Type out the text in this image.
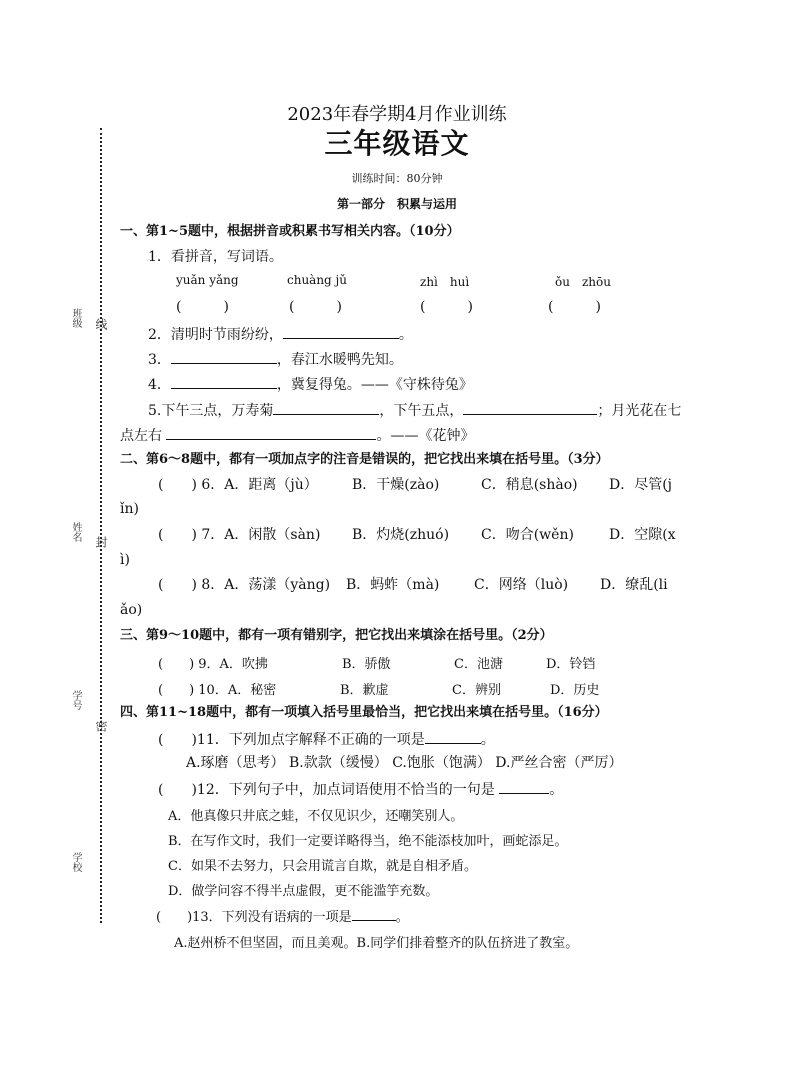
班级 线
姓名 封
学号
密
学校
2023年春学期4月作业训练
三年级语文
训练时间：80分钟
第一部分　积累与运用
一、第1~5题中，根据拼音或积累书写相关内容。（10分）
1．看拼音，写词语。
yuǎn yǎng	chuàng jǔ	zhì　huì	ǒu　zhōu
(　　　)	(　　　)	(　　　)	(　　　)
2．清明时节雨纷纷，	。
3．	，春江水暖鸭先知。
4．	，冀复得兔。——《守株待兔》
5.下午三点，万寿菊	，下午五点，	；月光花在七
点左右	。——《花钟》
二、第6～8题中，都有一项加点字的注音是错误的，把它找出来填在括号里。（3分）
(　　) 6．A．距离（jù） B．干燥(zào)	C．稍息(shào) D．尽管(j
ǐn)
(　　) 7．A．闲散（sàn) B．灼烧(zhuó) C．吻合(wěn)	D．空隙(x
ì)
(　　) 8．A．荡漾（yàng) B．蚂蚱（mà) C．网络（luò) D．缭乱(li
ǎo)
三、第9～10题中，都有一项有错别字，把它找出来填涂在括号里。（2分）
(　　) 9．A．吹拂	B．骄傲	C．池溏	D．铃铛
(　　) 10．A．秘密	B．歉虚	C．辨别	D．历史
四、第11~18题中，都有一项填入括号里最恰当，把它找出来填在括号里。（16分）
(　　)11．下列加点字解释不正确的一项是	。
A.琢磨（思考） B.款款（缓慢） C.饱胀（饱满） D.严丝合密（严厉）
(　　)12．下列句子中，加点词语使用不恰当的一句是	。
A．他真像只井底之蛙，不仅见识少，还嘲笑别人。
B．在写作文时，我们一定要详略得当，绝不能添枝加叶，画蛇添足。
C．如果不去努力，只会用谎言自欺，就是自相矛盾。
D．做学问容不得半点虚假，更不能滥竽充数。
(　　)13．下列没有语病的一项是	。
A.赵州桥不但坚固，而且美观。B.同学们排着整齐的队伍挤进了教室。
